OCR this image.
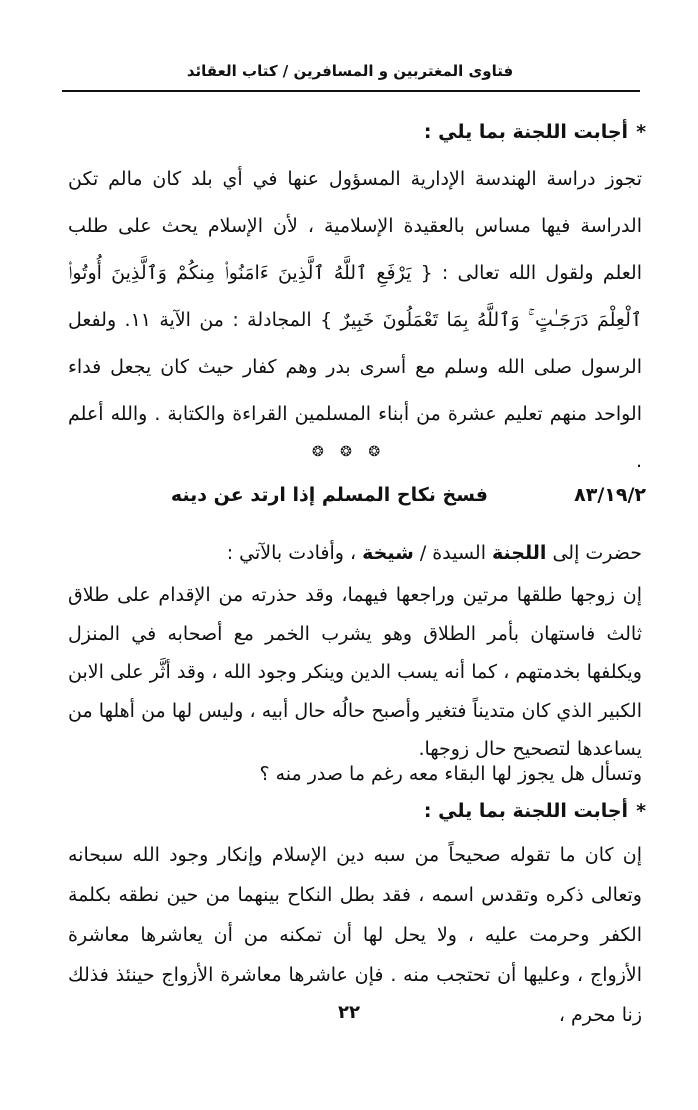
فتاوى المغتربين و المسافرين / كتاب العقائد
*أجابت اللجنة بما يلي :
تجوز دراسة الهندسة الإدارية المسؤول عنها في أي بلد كان مالم تكن الدراسة فيها مساس بالعقيدة الإسلامية ، لأن الإسلام يحث على طلب العلم ولقول الله تعالى : { يَرْفَعِ ٱللَّهُ ٱلَّذِينَ ءَامَنُوا۟ مِنكُمْ وَٱلَّذِينَ أُوتُوا۟ ٱلْعِلْمَ دَرَجَـٰتٍ ۚ وَٱللَّهُ بِمَا تَعْمَلُونَ خَبِيرٌ } المجادلة : من الآية ١١. ولفعل الرسول صلى الله وسلم مع أسرى بدر وهم كفار حيث كان يجعل فداء الواحد منهم تعليم عشرة من أبناء المسلمين القراءة والكتابة . والله أعلم .
❂ ❂ ❂
فسخ نكاح المسلم إذا ارتد عن دينه	٨٣/١٩/٢
حضرت إلى اللجنة السيدة / شيخة ، وأفادت بالآتي :
إن زوجها طلقها مرتين وراجعها فيهما، وقد حذرته من الإقدام على طلاق ثالث فاستهان بأمر الطلاق وهو يشرب الخمر مع أصحابه في المنزل ويكلفها بخدمتهم ، كما أنه يسب الدين وينكر وجود الله ، وقد أثَّر على الابن الكبير الذي كان متديناً فتغير وأصبح حالُه حال أبيه ، وليس لها من أهلها من يساعدها لتصحيح حال زوجها.
وتسأل هل يجوز لها البقاء معه رغم ما صدر منه ؟
*أجابت اللجنة بما يلي :
إن كان ما تقوله صحيحاً من سبه دين الإسلام وإنكار وجود الله سبحانه وتعالى ذكره وتقدس اسمه ، فقد بطل النكاح بينهما من حين نطقه بكلمة الكفر وحرمت عليه ، ولا يحل لها أن تمكنه من أن يعاشرها معاشرة الأزواج ، وعليها أن تحتجب منه . فإن عاشرها معاشرة الأزواج حينئذ فذلك زنا محرم ،
٢٢
